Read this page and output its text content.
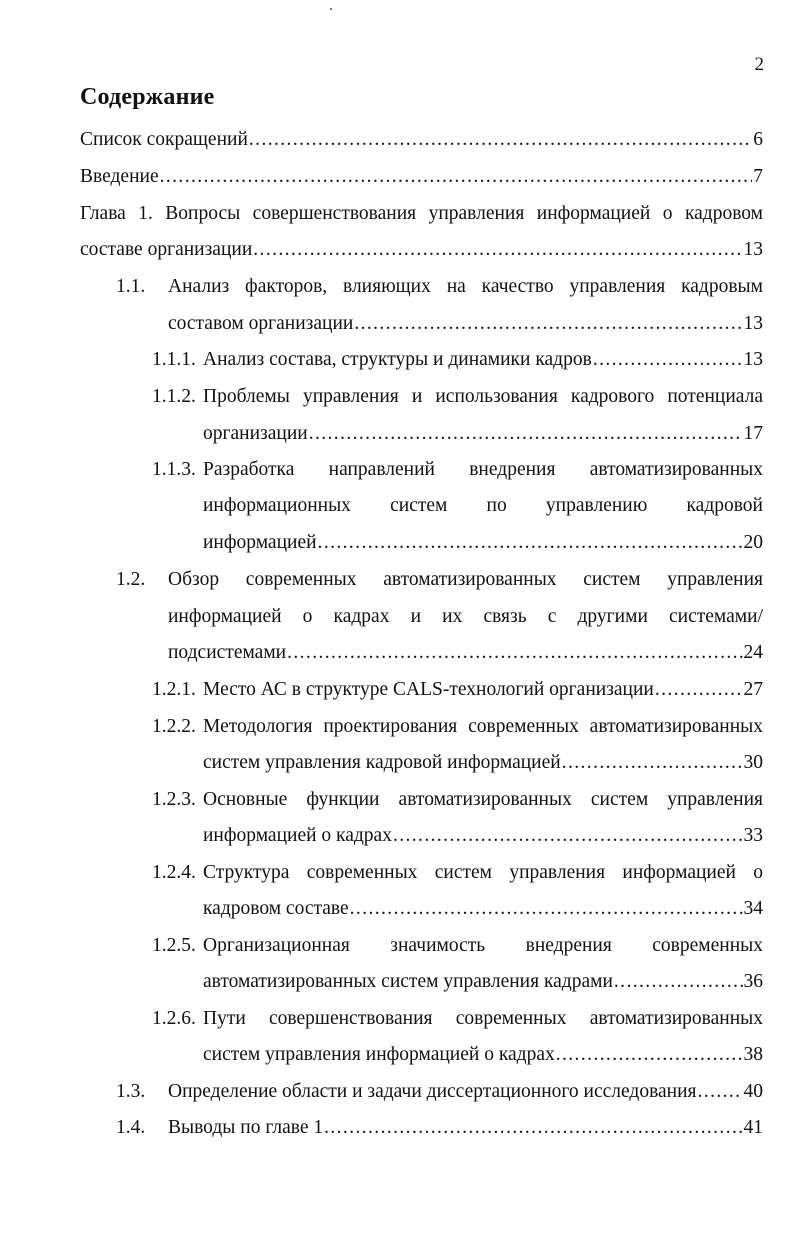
2
Содержание
Список сокращений .....	6
Введение .....	7
Глава 1. Вопросы совершенствования управления информацией о кадровом
составе организации .....	13
1.1. Анализ факторов, влияющих на качество управления кадровым
составом организации .....	13
1.1.1. Анализ состава, структуры и динамики кадров .....	13
1.1.2. Проблемы управления и использования кадрового потенциала
организации .....	17
1.1.3. Разработка направлений внедрения автоматизированных
информационных систем по управлению кадровой
информацией .....	20
1.2. Обзор современных автоматизированных систем управления
информацией о кадрах и их связь с другими системами/
подсистемами .....	24
1.2.1. Место АС в структуре CALS-технологий организации .....	27
1.2.2. Методология проектирования современных автоматизированных
систем управления кадровой информацией .....	30
1.2.3. Основные функции автоматизированных систем управления
информацией о кадрах .....	33
1.2.4. Структура современных систем управления информацией о
кадровом составе .....	34
1.2.5. Организационная значимость внедрения современных
автоматизированных систем управления кадрами .....	36
1.2.6. Пути совершенствования современных автоматизированных
систем управления информацией о кадрах .....	38
1.3. Определение области и задачи диссертационного исследования ..... 40
1.4. Выводы по главе 1 .....	41
